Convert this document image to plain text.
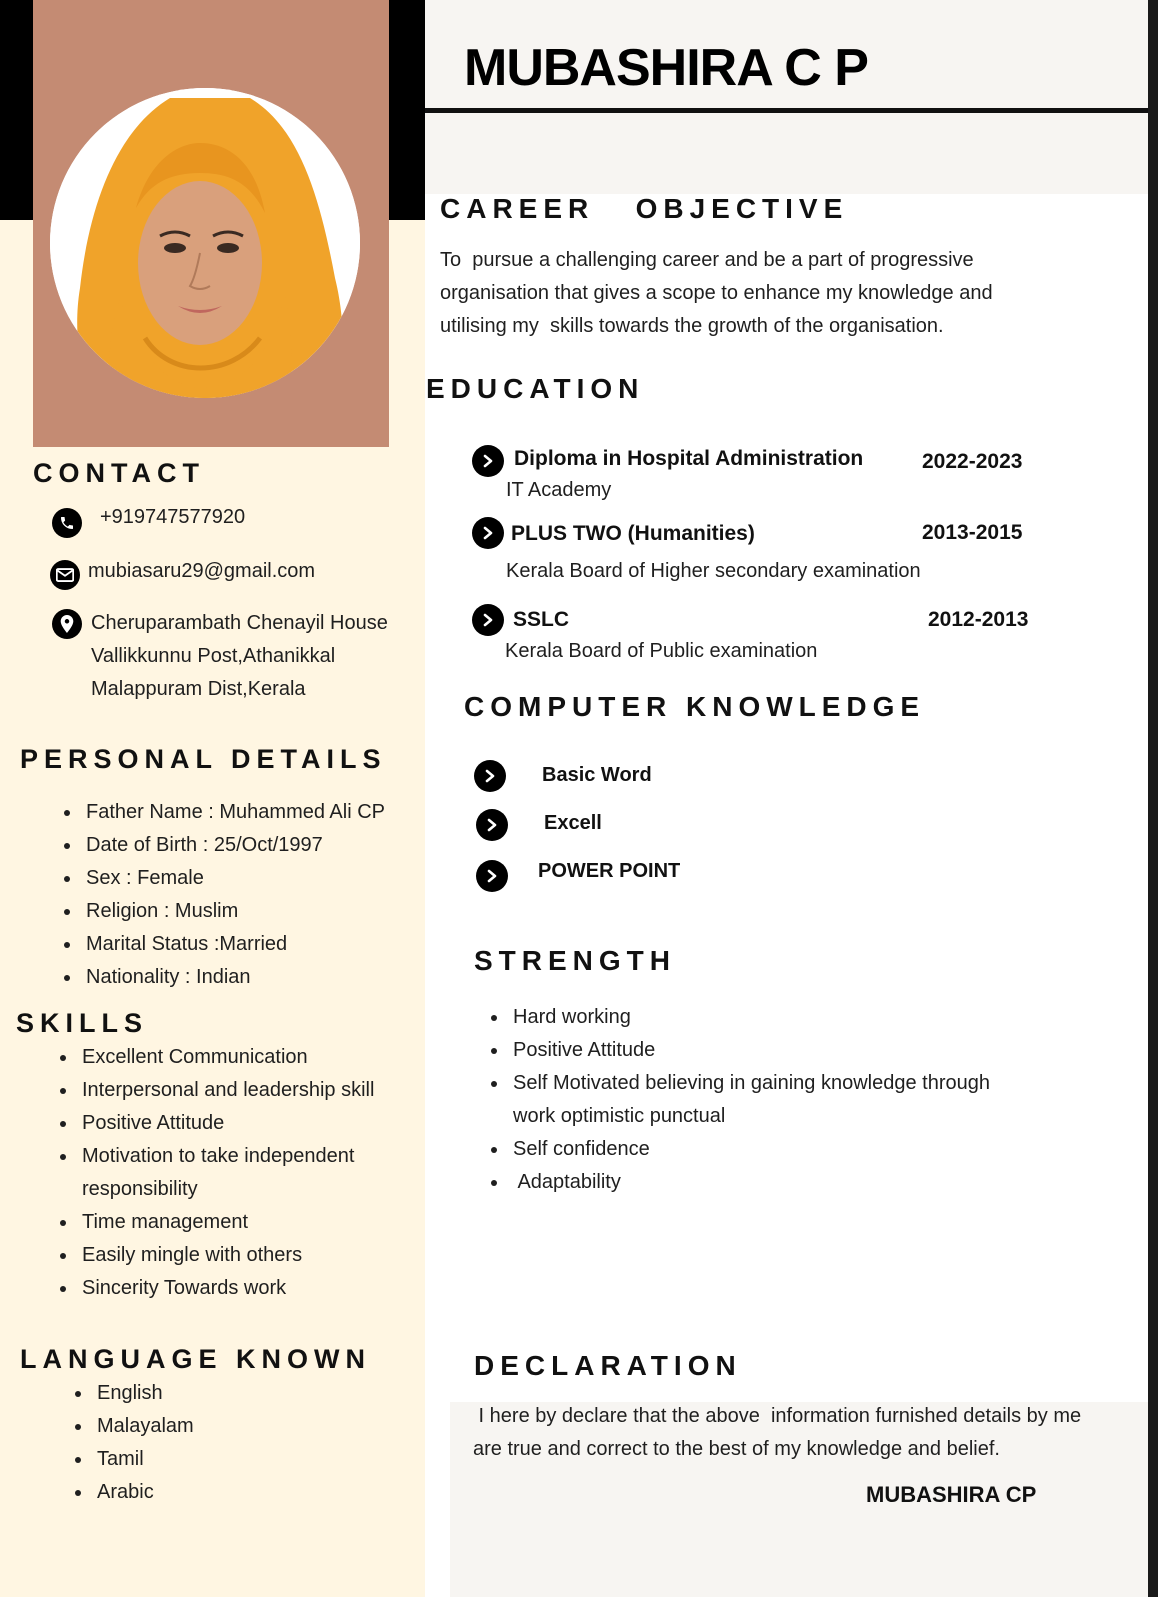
CONTACT
+919747577920
mubiasaru29@gmail.com
Cheruparambath Chenayil House
Vallikkunnu Post,Athanikkal
Malappuram Dist,Kerala
PERSONAL DETAILS
Father Name : Muhammed Ali CP
Date of Birth : 25/Oct/1997
Sex : Female
Religion : Muslim
Marital Status :Married
Nationality : Indian
SKILLS
Excellent Communication
Interpersonal and leadership skill
Positive Attitude
Motivation to take independent
responsibility
Time management
Easily mingle with others
Sincerity Towards work
LANGUAGE KNOWN
English
Malayalam
Tamil
Arabic
MUBASHIRA C P
CAREER   OBJECTIVE
To  pursue a challenging career and be a part of progressive
organisation that gives a scope to enhance my knowledge and
utilising my  skills towards the growth of the organisation.
EDUCATION
Diploma in Hospital Administration	2022-2023
IT Academy
PLUS TWO (Humanities)	2013-2015
Kerala Board of Higher secondary examination
SSLC	2012-2013
Kerala Board of Public examination
COMPUTER KNOWLEDGE
Basic Word
Excell
POWER POINT
STRENGTH
Hard working
Positive Attitude
Self Motivated believing in gaining knowledge through
work optimistic punctual
Self confidence
Adaptability
DECLARATION
I here by declare that the above  information furnished details by me
are true and correct to the best of my knowledge and belief.
MUBASHIRA CP
